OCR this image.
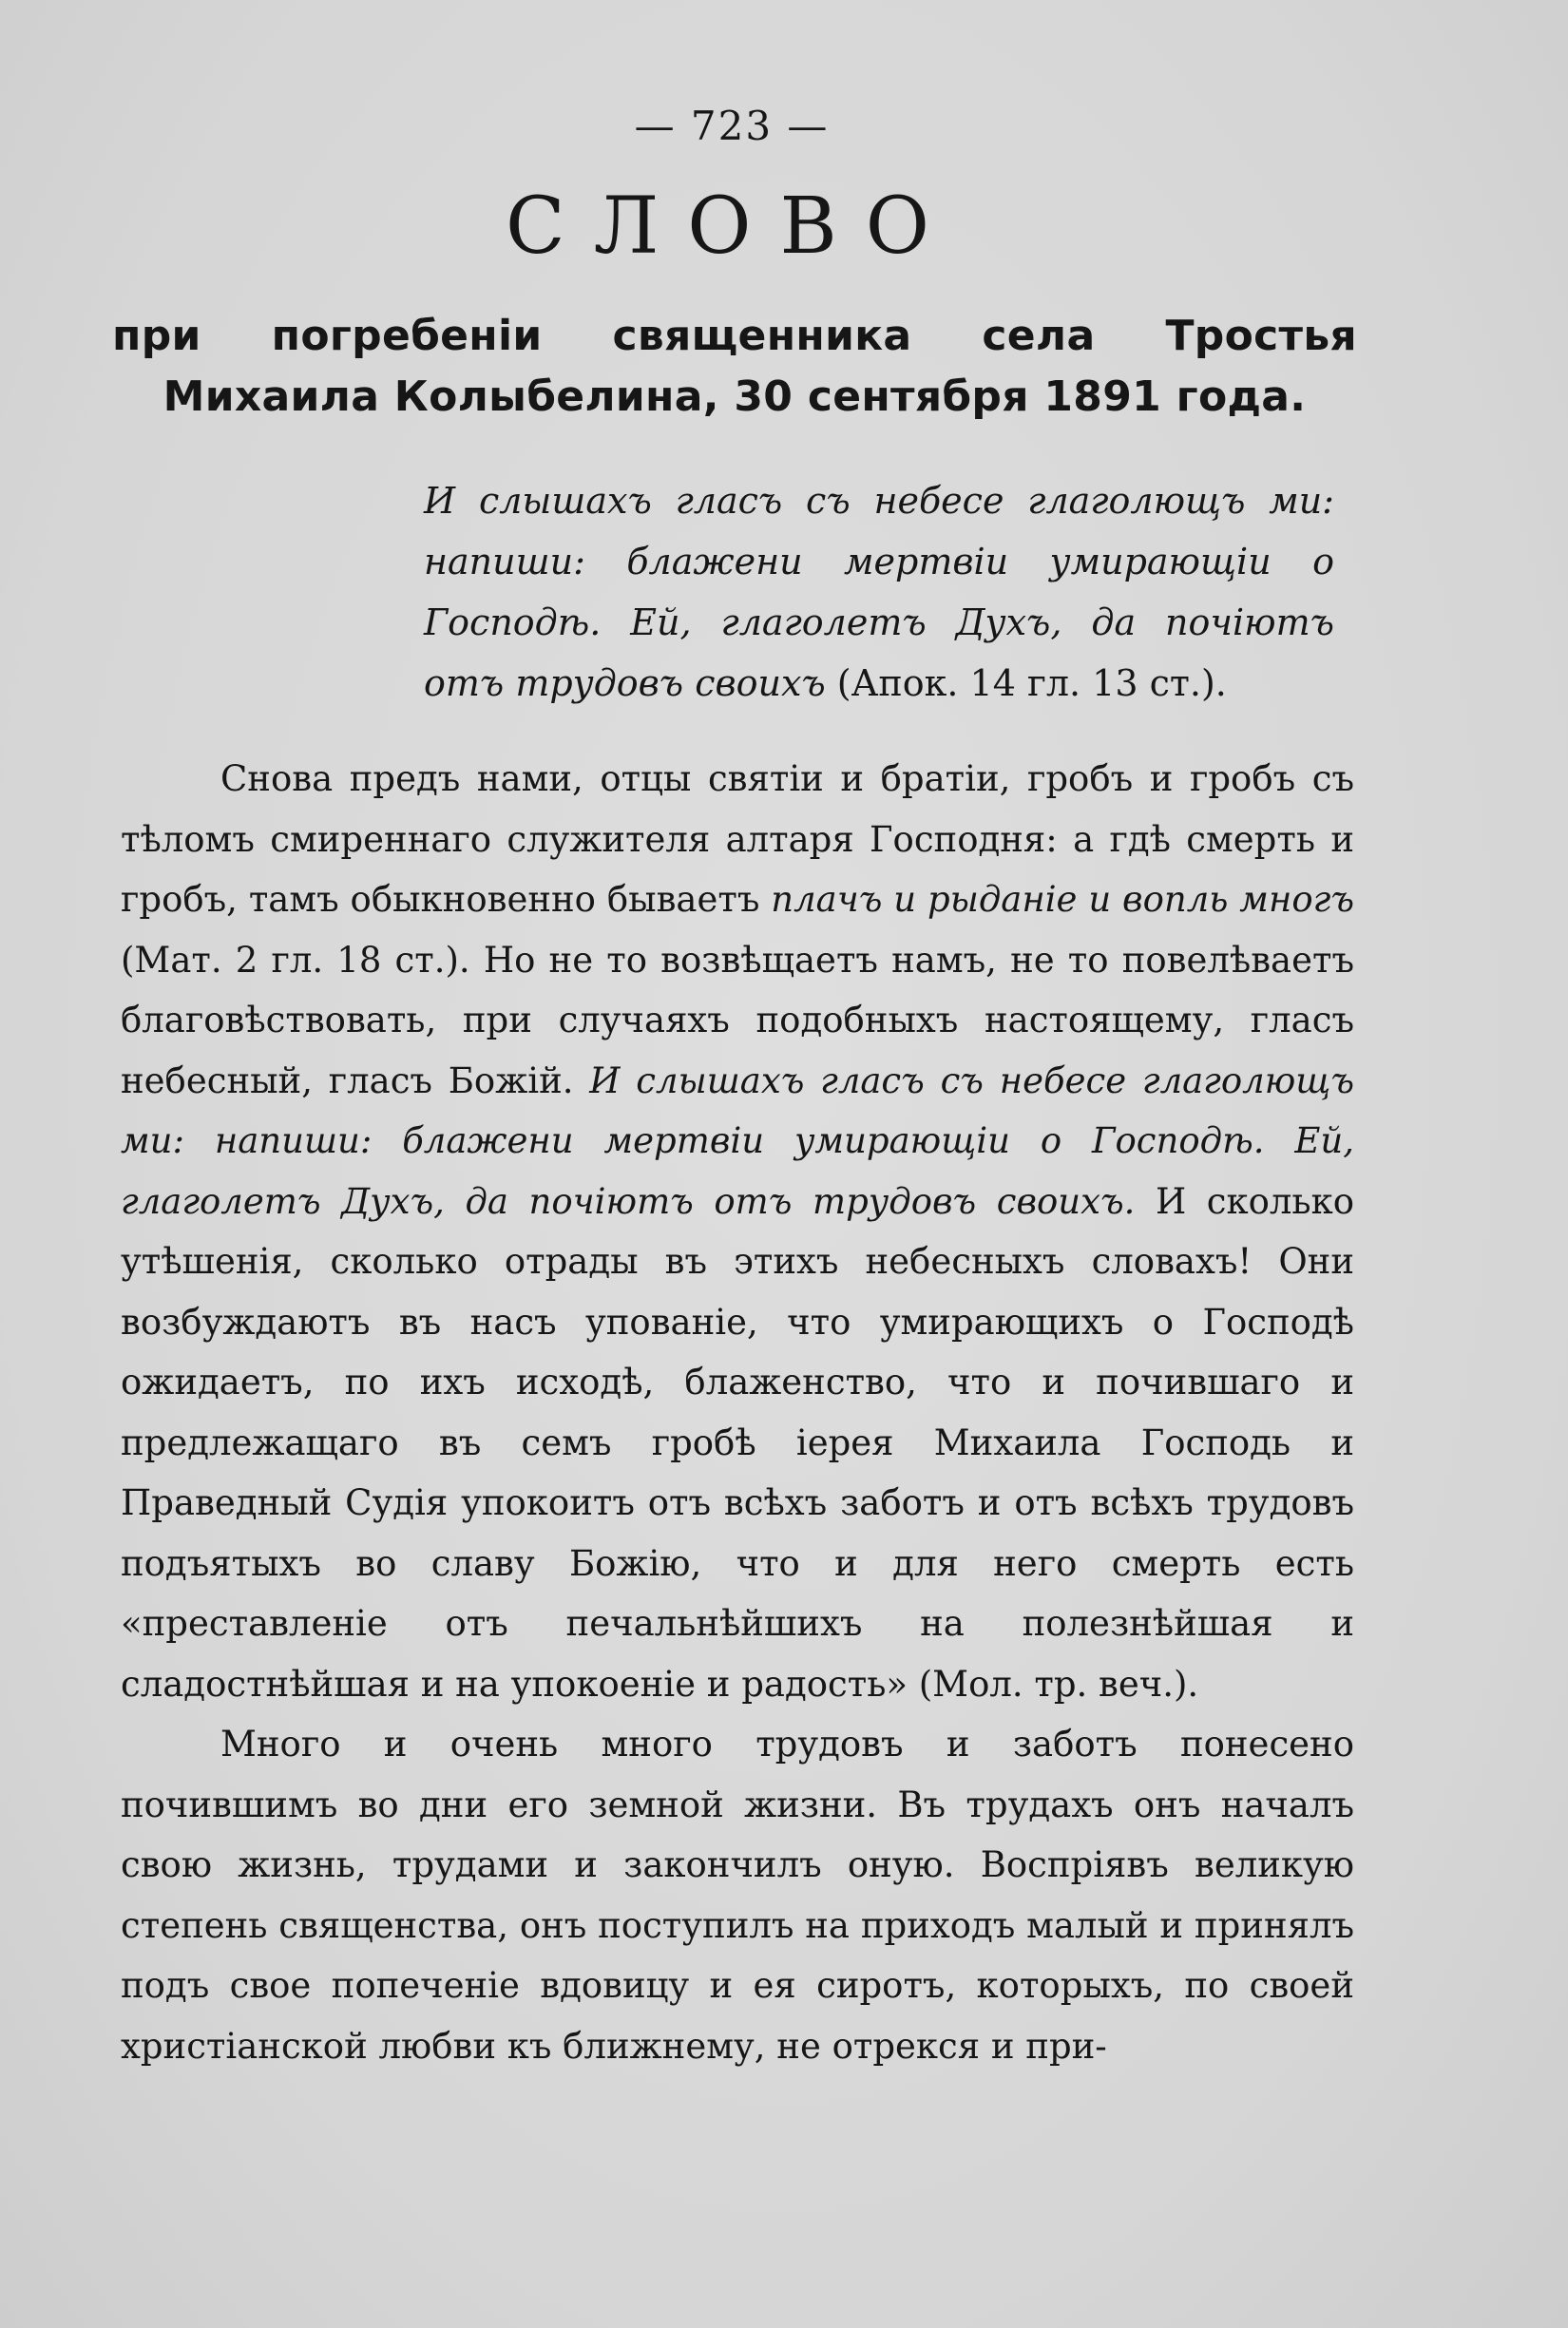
— 723 —
СЛОВО
при погребеніи священника села Тростья Михаила Колыбелина, 30 сентября 1891 года.
И слышахъ гласъ съ небесе глаголющъ ми: напиши: блажени мертвіи умирающіи о Господѣ. Ей, глаголетъ Духъ, да почіютъ отъ трудовъ своихъ (Апок. 14 гл. 13 ст.).

Снова предъ нами, отцы святіи и братіи, гробъ и гробъ съ тѣломъ смиреннаго служителя алтаря Господня: а гдѣ смерть и гробъ, тамъ обыкновенно бываетъ плачъ и рыданіе и вопль многъ (Мат. 2 гл. 18 ст.). Но не то возвѣщаетъ намъ, не то повелѣваетъ благовѣствовать, при случаяхъ подобныхъ настоящему, гласъ небесный, гласъ Божій. И слышахъ гласъ съ небесе глаголющъ ми: напиши: блажени мертвіи умирающіи о Господѣ. Ей, глаголетъ Духъ, да почіютъ отъ трудовъ своихъ. И сколько утѣшенія, сколько отрады въ этихъ небесныхъ словахъ! Они возбуждаютъ въ насъ упованіе, что умирающихъ о Господѣ ожидаетъ, по ихъ исходѣ, блаженство, что и почившаго и предлежащаго въ семъ гробѣ іерея Михаила Господь и Праведный Судія упокоитъ отъ всѣхъ заботъ и отъ всѣхъ трудовъ подъятыхъ во славу Божію, что и для него смерть есть «преставленіе отъ печальнѣйшихъ на полезнѣйшая и сладостнѣйшая и на упокоеніе и радость» (Мол. тр. веч.).

Много и очень много трудовъ и заботъ понесено почившимъ во дни его земной жизни. Въ трудахъ онъ началъ свою жизнь, трудами и закончилъ оную. Воспріявъ великую степень священства, онъ поступилъ на приходъ малый и принялъ подъ свое попеченіе вдовицу и ея сиротъ, которыхъ, по своей христіанской любви къ ближнему, не отрекся и при-
